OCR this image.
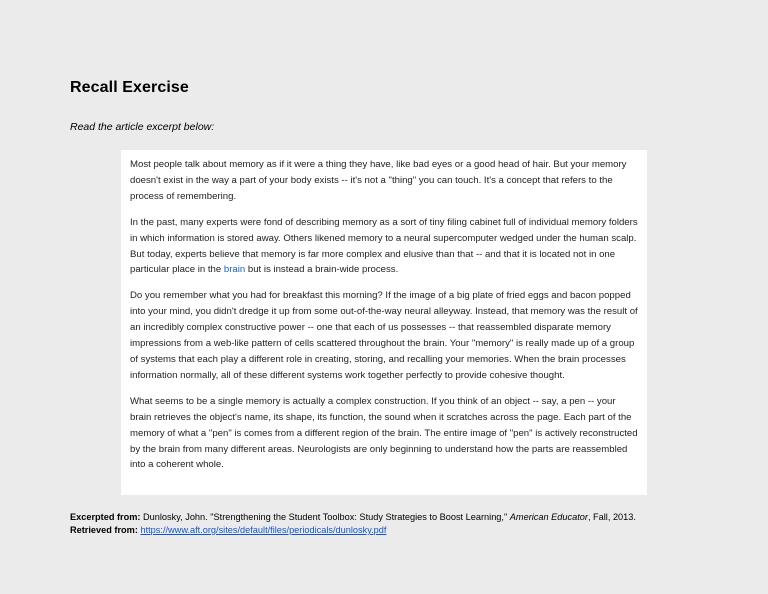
Recall Exercise

Read the article excerpt below:

Most people talk about memory as if it were a thing they have, like bad eyes or a good head of hair. But your memory doesn't exist in the way a part of your body exists -- it's not a "thing" you can touch. It's a concept that refers to the process of remembering.

In the past, many experts were fond of describing memory as a sort of tiny filing cabinet full of individual memory folders in which information is stored away. Others likened memory to a neural supercomputer wedged under the human scalp. But today, experts believe that memory is far more complex and elusive than that -- and that it is located not in one particular place in the brain but is instead a brain-wide process.

Do you remember what you had for breakfast this morning? If the image of a big plate of fried eggs and bacon popped into your mind, you didn't dredge it up from some out-of-the-way neural alleyway. Instead, that memory was the result of an incredibly complex constructive power -- one that each of us possesses -- that reassembled disparate memory impressions from a web-like pattern of cells scattered throughout the brain. Your "memory" is really made up of a group of systems that each play a different role in creating, storing, and recalling your memories. When the brain processes information normally, all of these different systems work together perfectly to provide cohesive thought.

What seems to be a single memory is actually a complex construction. If you think of an object -- say, a pen -- your brain retrieves the object's name, its shape, its function, the sound when it scratches across the page. Each part of the memory of what a "pen" is comes from a different region of the brain. The entire image of "pen" is actively reconstructed by the brain from many different areas. Neurologists are only beginning to understand how the parts are reassembled into a coherent whole.

Excerpted from: Dunlosky, John. "Strengthening the Student Toolbox: Study Strategies to Boost Learning," American Educator, Fall, 2013.
Retrieved from: https://www.aft.org/sites/default/files/periodicals/dunlosky.pdf
